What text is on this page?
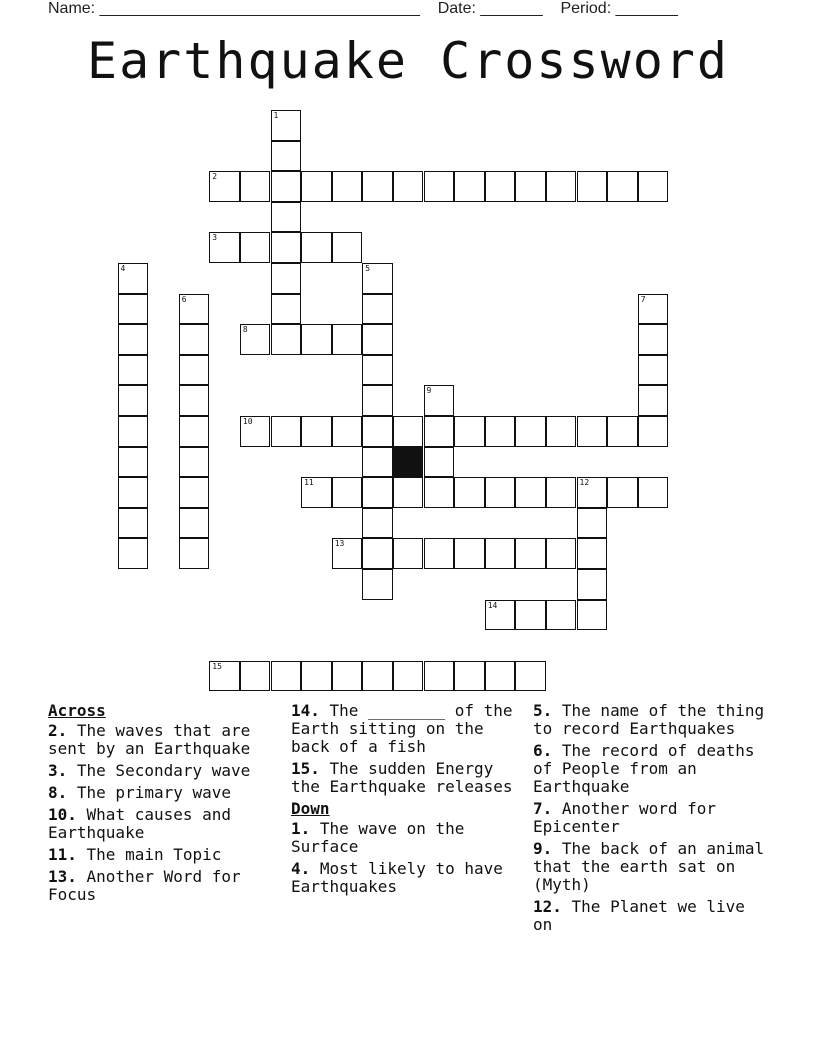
Name: ____________________________________    Date: _______    Period: _______
Earthquake Crossword
1
2
3
4	5
6	7
8
9
10
11	12
13
14
15
Across
2. The waves that are sent by an Earthquake
3. The Secondary wave
8. The primary wave
10. What causes and Earthquake
11. The main Topic
13. Another Word for Focus
14. The ________ of the Earth sitting on the back of a fish
15. The sudden Energy the Earthquake releases
Down
1. The wave on the Surface
4. Most likely to have Earthquakes
5. The name of the thing to record Earthquakes
6. The record of deaths of People from an Earthquake
7. Another word for Epicenter
9. The back of an animal that the earth sat on (Myth)
12. The Planet we live on
